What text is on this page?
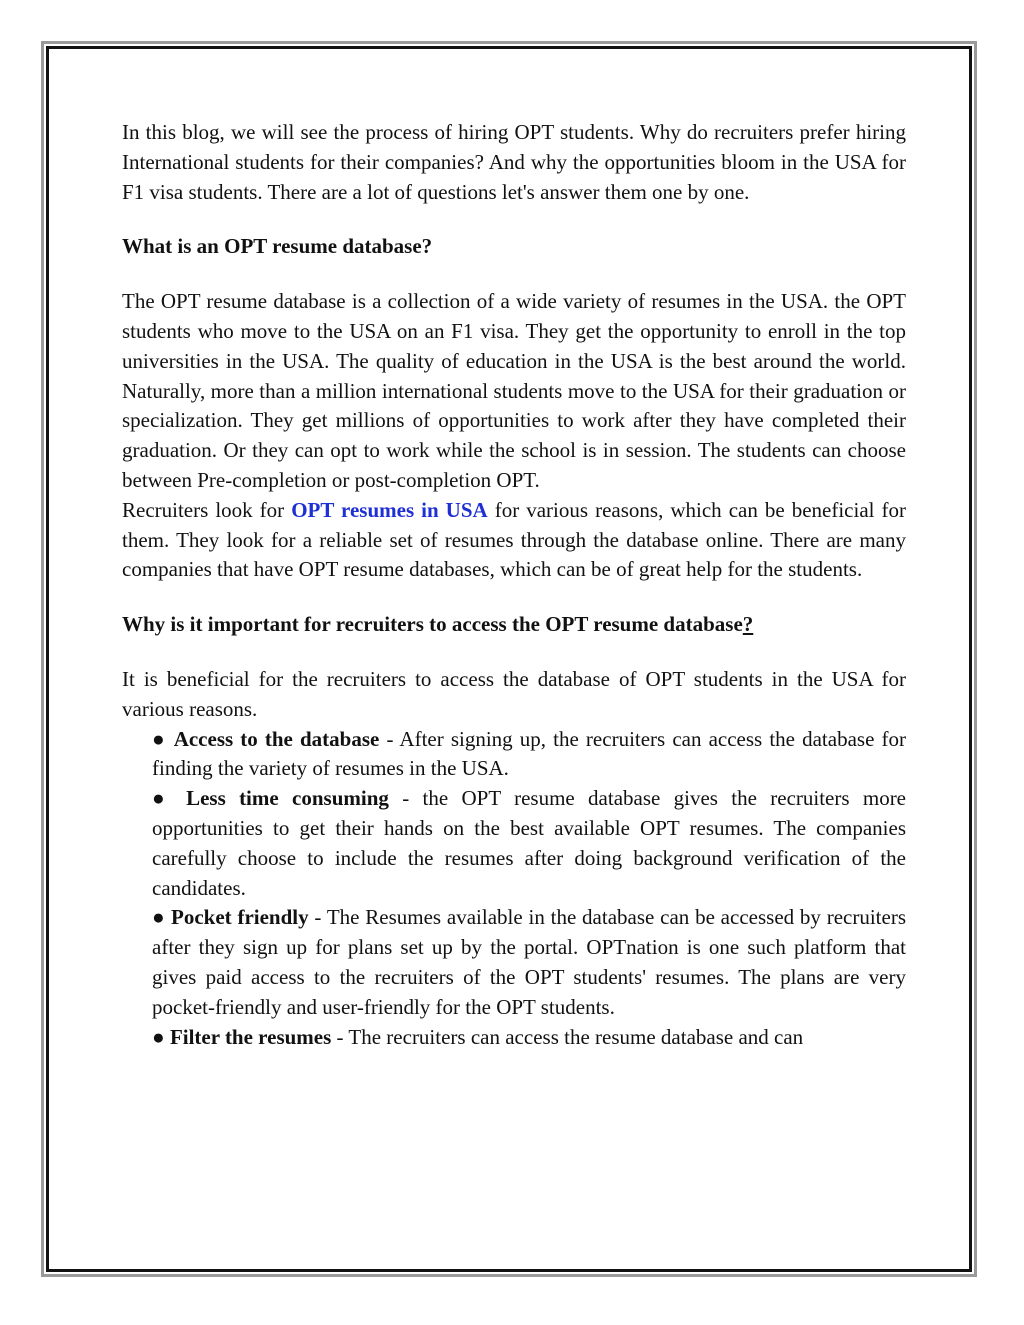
In this blog, we will see the process of hiring OPT students. Why do recruiters prefer hiring International students for their companies? And why the opportunities bloom in the USA for F1 visa students. There are a lot of questions let's answer them one by one.

What is an OPT resume database?

The OPT resume database is a collection of a wide variety of resumes in the USA. the OPT students who move to the USA on an F1 visa. They get the opportunity to enroll in the top universities in the USA. The quality of education in the USA is the best around the world. Naturally, more than a million international students move to the USA for their graduation or specialization. They get millions of opportunities to work after they have completed their graduation. Or they can opt to work while the school is in session. The students can choose between Pre-completion or post-completion OPT.

Recruiters look for OPT resumes in USA for various reasons, which can be beneficial for them. They look for a reliable set of resumes through the database online. There are many companies that have OPT resume databases, which can be of great help for the students.

Why is it important for recruiters to access the OPT resume database?

It is beneficial for the recruiters to access the database of OPT students in the USA for various reasons.

● Access to the database - After signing up, the recruiters can access the database for finding the variety of resumes in the USA.
● Less time consuming - the OPT resume database gives the recruiters more opportunities to get their hands on the best available OPT resumes. The companies carefully choose to include the resumes after doing background verification of the candidates.
● Pocket friendly - The Resumes available in the database can be accessed by recruiters after they sign up for plans set up by the portal. OPTnation is one such platform that gives paid access to the recruiters of the OPT students' resumes. The plans are very pocket-friendly and user-friendly for the OPT students.
● Filter the resumes - The recruiters can access the resume database and can
